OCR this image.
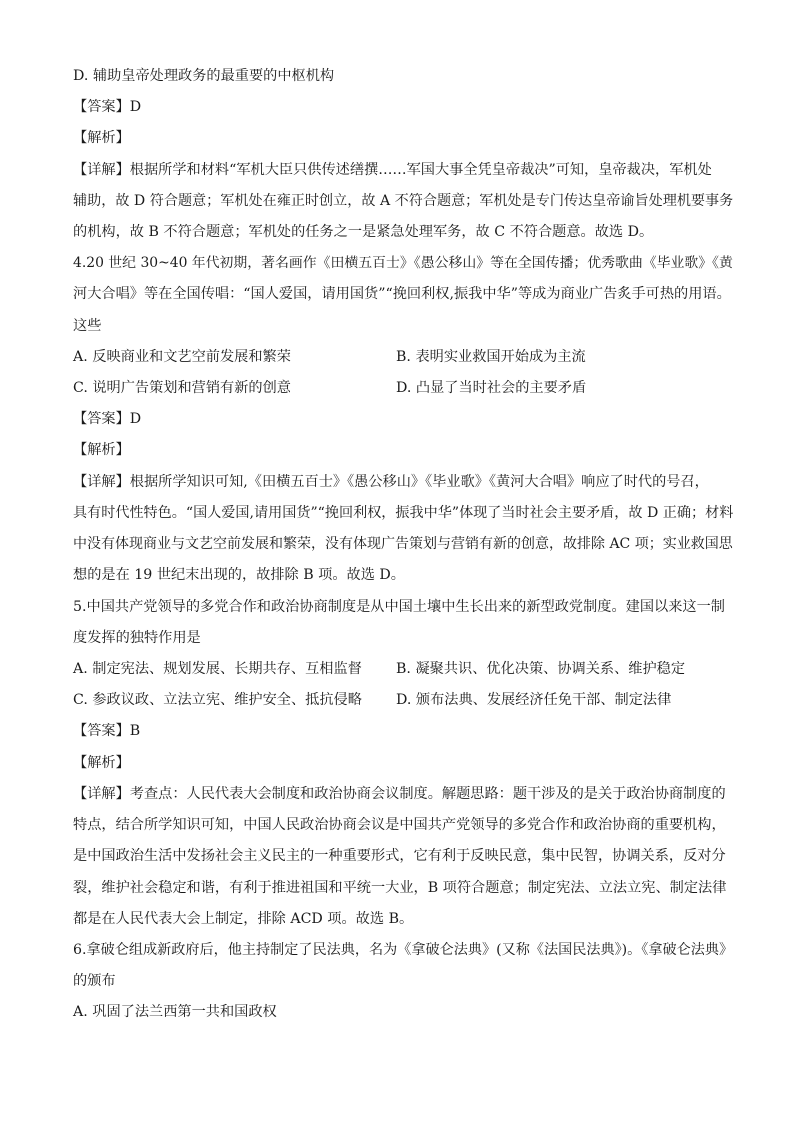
D. 辅助皇帝处理政务的最重要的中枢机构
【答案】D
【解析】
【详解】根据所学和材料“军机大臣只供传述缮撰……军国大事全凭皇帝裁决”可知，皇帝裁决，军机处
辅助，故 D 符合题意；军机处在雍正时创立，故 A 不符合题意；军机处是专门传达皇帝谕旨处理机要事务
的机构，故 B 不符合题意；军机处的任务之一是紧急处理军务，故 C 不符合题意。故选 D。
4.20 世纪 30~40 年代初期，著名画作《田横五百士》《愚公移山》等在全国传播；优秀歌曲《毕业歌》《黄
河大合唱》等在全国传唱：“国人爱国，请用国货”“挽回利权,振我中华”等成为商业广告炙手可热的用语。
这些
A. 反映商业和文艺空前发展和繁荣	B. 表明实业救国开始成为主流
C. 说明广告策划和营销有新的创意	D. 凸显了当时社会的主要矛盾
【答案】D
【解析】
【详解】根据所学知识可知,《田横五百士》《愚公移山》《毕业歌》《黄河大合唱》响应了时代的号召，
具有时代性特色。“国人爱国,请用国货”“挽回利权，振我中华”体现了当时社会主要矛盾，故 D 正确；材料
中没有体现商业与文艺空前发展和繁荣，没有体现广告策划与营销有新的创意，故排除 AC 项；实业救国思
想的是在 19 世纪末出现的，故排除 B 项。故选 D。
5.中国共产党领导的多党合作和政治协商制度是从中国土壤中生长出来的新型政党制度。建国以来这一制
度发挥的独特作用是
A. 制定宪法、规划发展、长期共存、互相监督 B. 凝聚共识、优化决策、协调关系、维护稳定
C. 参政议政、立法立宪、维护安全、抵抗侵略 D. 颁布法典、发展经济任免干部、制定法律
【答案】B
【解析】
【详解】考查点：人民代表大会制度和政治协商会议制度。解题思路：题干涉及的是关于政治协商制度的
特点，结合所学知识可知，中国人民政治协商会议是中国共产党领导的多党合作和政治协商的重要机构，
是中国政治生活中发扬社会主义民主的一种重要形式，它有利于反映民意，集中民智，协调关系，反对分
裂，维护社会稳定和谐，有利于推进祖国和平统一大业，B 项符合题意；制定宪法、立法立宪、制定法律
都是在人民代表大会上制定，排除 ACD 项。故选 B。
6.拿破仑组成新政府后，他主持制定了民法典，名为《拿破仑法典》(又称《法国民法典》)。《拿破仑法典》
的颁布
A. 巩固了法兰西第一共和国政权
